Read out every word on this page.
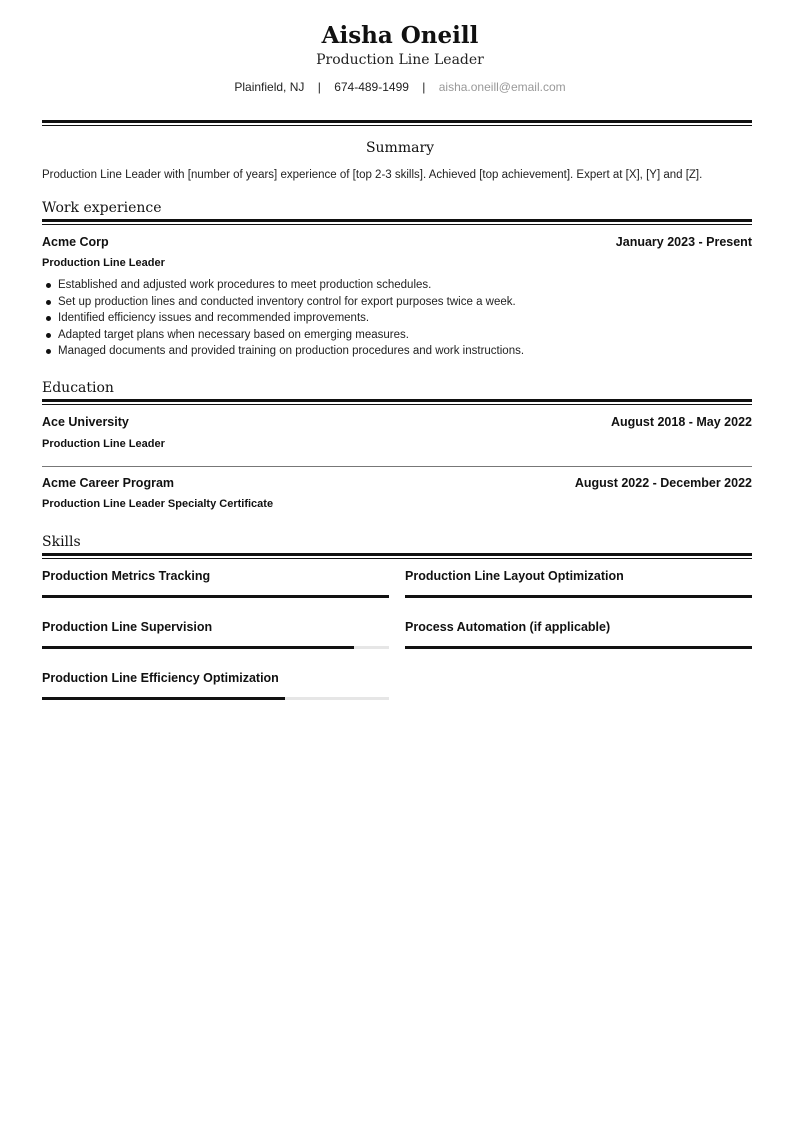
Aisha Oneill
Production Line Leader
Plainfield, NJ | 674-489-1499 | aisha.oneill@email.com
Summary
Production Line Leader with [number of years] experience of [top 2-3 skills]. Achieved [top achievement]. Expert at [X], [Y] and [Z].
Work experience
Acme Corp	January 2023 - Present
Production Line Leader
Established and adjusted work procedures to meet production schedules.
Set up production lines and conducted inventory control for export purposes twice a week.
Identified efficiency issues and recommended improvements.
Adapted target plans when necessary based on emerging measures.
Managed documents and provided training on production procedures and work instructions.
Education
Ace University	August 2018 - May 2022
Production Line Leader
Acme Career Program	August 2022 - December 2022
Production Line Leader Specialty Certificate
Skills
Production Metrics Tracking	Production Line Layout Optimization
Production Line Supervision	Process Automation (if applicable)
Production Line Efficiency Optimization
